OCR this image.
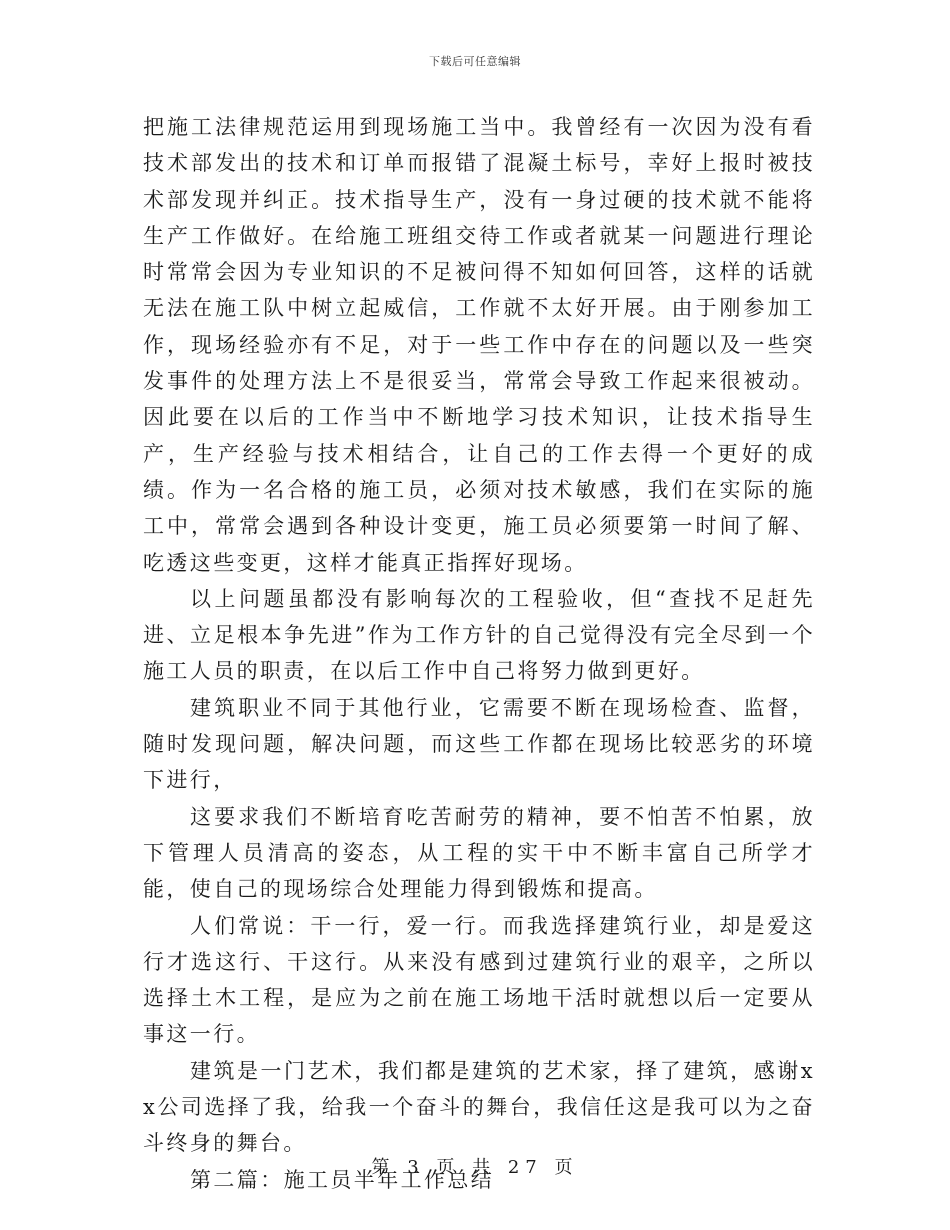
下载后可任意编辑

把施工法律规范运用到现场施工当中。我曾经有一次因为没有看技术部发出的技术和订单而报错了混凝土标号，幸好上报时被技术部发现并纠正。技术指导生产，没有一身过硬的技术就不能将生产工作做好。在给施工班组交待工作或者就某一问题进行理论时常常会因为专业知识的不足被问得不知如何回答，这样的话就无法在施工队中树立起威信，工作就不太好开展。由于刚参加工作，现场经验亦有不足，对于一些工作中存在的问题以及一些突发事件的处理方法上不是很妥当，常常会导致工作起来很被动。因此要在以后的工作当中不断地学习技术知识，让技术指导生产，生产经验与技术相结合，让自己的工作去得一个更好的成绩。作为一名合格的施工员，必须对技术敏感，我们在实际的施工中，常常会遇到各种设计变更，施工员必须要第一时间了解、吃透这些变更，这样才能真正指挥好现场。

以上问题虽都没有影响每次的工程验收，但“查找不足赶先进、立足根本争先进”作为工作方针的自己觉得没有完全尽到一个施工人员的职责，在以后工作中自己将努力做到更好。

建筑职业不同于其他行业，它需要不断在现场检查、监督，随时发现问题，解决问题，而这些工作都在现场比较恶劣的环境下进行，

这要求我们不断培育吃苦耐劳的精神，要不怕苦不怕累，放下管理人员清高的姿态，从工程的实干中不断丰富自己所学才能，使自己的现场综合处理能力得到锻炼和提高。

人们常说：干一行，爱一行。而我选择建筑行业，却是爱这行才选这行、干这行。从来没有感到过建筑行业的艰辛，之所以选择土木工程，是应为之前在施工场地干活时就想以后一定要从事这一行。

建筑是一门艺术，我们都是建筑的艺术家，择了建筑，感谢xx公司选择了我，给我一个奋斗的舞台，我信任这是我可以为之奋斗终身的舞台。

第二篇：施工员半年工作总结

第 3 页 共 27 页
